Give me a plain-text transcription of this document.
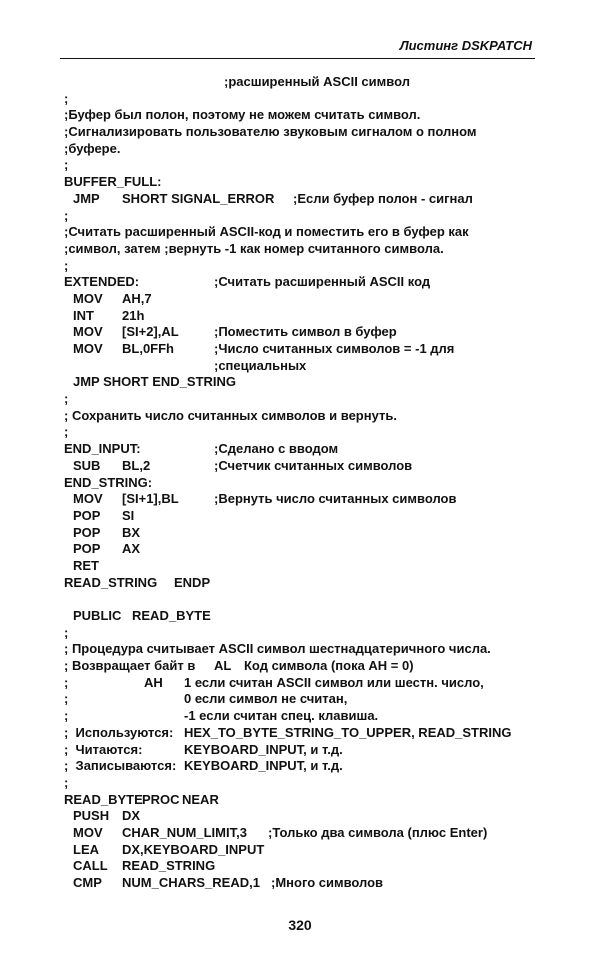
Листинг DSKPATCH
;расширенный ASCII символ
;
;Буфер был полон, поэтому не можем считать символ.
;Сигнализировать пользователю звуковым сигналом о полном
;буфере.
;
BUFFER_FULL:
JMP SHORT SIGNAL_ERROR ;Если буфер полон - сигнал
;
;Считать расширенный ASCII-код и поместить его в буфер как
;символ, затем ;вернуть -1 как номер считанного символа.
;
EXTENDED:	;Считать расширенный ASCII код
MOV AH,7
INT 21h
MOV [SI+2],AL	;Поместить символ в буфер
MOV BL,0FFh	;Число считанных символов = -1 для
;специальных
JMP SHORT END_STRING
;
; Сохранить число считанных символов и вернуть.
;
END_INPUT:	;Сделано с вводом
SUB BL,2	;Счетчик считанных символов
END_STRING:
MOV [SI+1],BL	;Вернуть число считанных символов
POP SI
POP BX
POP AX
RET
READ_STRING ENDP
PUBLIC READ_BYTE
;
; Процедура считывает ASCII символ шестнадцатеричного числа.
; Возвращает байт в AL Код символа (пока AH = 0)
;	AH 1 если считан ASCII символ или шестн. число,
;	0 если символ не считан,
;	-1 если считан спец. клавиша.
;  Используются: HEX_TO_BYTE_STRING_TO_UPPER, READ_STRING
;  Читаются:	KEYBOARD_INPUT, и т.д.
;  Записываются: KEYBOARD_INPUT, и т.д.
;
READ_BYTE PROC NEAR
PUSH DX
MOV CHAR_NUM_LIMIT,3 ;Только два символа (плюс Enter)
LEA DX,KEYBOARD_INPUT
CALL READ_STRING
CMP NUM_CHARS_READ,1 ;Много символов
320
